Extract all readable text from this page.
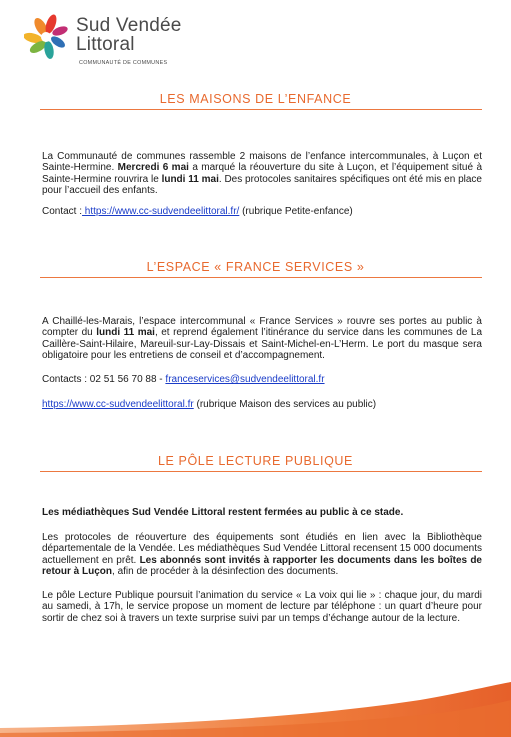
Sud Vendée
Littoral
COMMUNAUTÉ DE COMMUNES
LES MAISONS DE L’ENFANCE

La Communauté de communes rassemble 2 maisons de l’enfance intercommunales, à Luçon et Sainte-Hermine. Mercredi 6 mai a marqué la réouverture du site à Luçon, et l’équipement situé à Sainte-Hermine rouvrira le lundi 11 mai. Des protocoles sanitaires spécifiques ont été mis en place pour l’accueil des enfants.

Contact : https://www.cc-sudvendeelittoral.fr/ (rubrique Petite-enfance)

L’ESPACE « FRANCE SERVICES »

A Chaillé-les-Marais, l’espace intercommunal « France Services » rouvre ses portes au public à compter du lundi 11 mai, et reprend également l’itinérance du service dans les communes de La Caillère-Saint-Hilaire, Mareuil-sur-Lay-Dissais et Saint-Michel-en-L’Herm. Le port du masque sera obligatoire pour les entretiens de conseil et d’accompagnement.

Contacts : 02 51 56 70 88 - franceservices@sudvendeelittoral.fr

https://www.cc-sudvendeelittoral.fr (rubrique Maison des services au public)

LE PÔLE LECTURE PUBLIQUE

Les médiathèques Sud Vendée Littoral restent fermées au public à ce stade.

Les protocoles de réouverture des équipements sont étudiés en lien avec la Bibliothèque départementale de la Vendée. Les médiathèques Sud Vendée Littoral recensent 15 000 documents actuellement en prêt. Les abonnés sont invités à rapporter les documents dans les boîtes de retour à Luçon, afin de procéder à la désinfection des documents.

Le pôle Lecture Publique poursuit l’animation du service « La voix qui lie » : chaque jour, du mardi au samedi, à 17h, le service propose un moment de lecture par téléphone : un quart d’heure pour sortir de chez soi à travers un texte surprise suivi par un temps d’échange autour de la lecture.
